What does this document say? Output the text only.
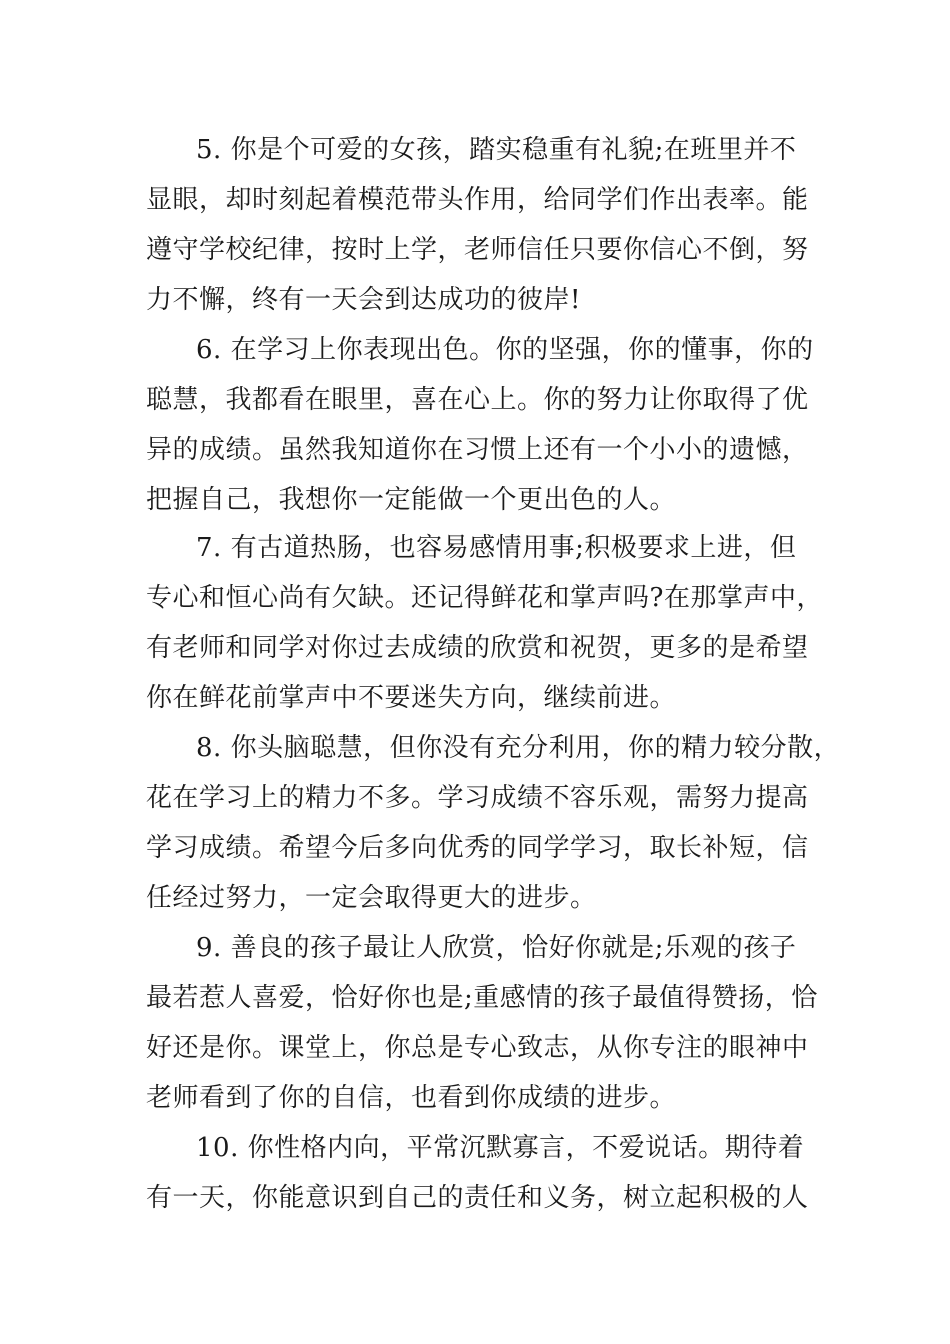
5. 你是个可爱的女孩，踏实稳重有礼貌;在班里并不
显眼，却时刻起着模范带头作用，给同学们作出表率。能
遵守学校纪律，按时上学，老师信任只要你信心不倒，努
力不懈，终有一天会到达成功的彼岸!
6. 在学习上你表现出色。你的坚强，你的懂事，你的
聪慧，我都看在眼里，喜在心上。你的努力让你取得了优
异的成绩。虽然我知道你在习惯上还有一个小小的遗憾，
把握自己，我想你一定能做一个更出色的人。
7. 有古道热肠，也容易感情用事;积极要求上进，但
专心和恒心尚有欠缺。还记得鲜花和掌声吗?在那掌声中，
有老师和同学对你过去成绩的欣赏和祝贺，更多的是希望
你在鲜花前掌声中不要迷失方向，继续前进。
8. 你头脑聪慧，但你没有充分利用，你的精力较分散，
花在学习上的精力不多。学习成绩不容乐观，需努力提高
学习成绩。希望今后多向优秀的同学学习，取长补短，信
任经过努力，一定会取得更大的进步。
9. 善良的孩子最让人欣赏，恰好你就是;乐观的孩子
最若惹人喜爱，恰好你也是;重感情的孩子最值得赞扬，恰
好还是你。课堂上，你总是专心致志，从你专注的眼神中
老师看到了你的自信，也看到你成绩的进步。
10. 你性格内向，平常沉默寡言，不爱说话。期待着
有一天，你能意识到自己的责任和义务，树立起积极的人
